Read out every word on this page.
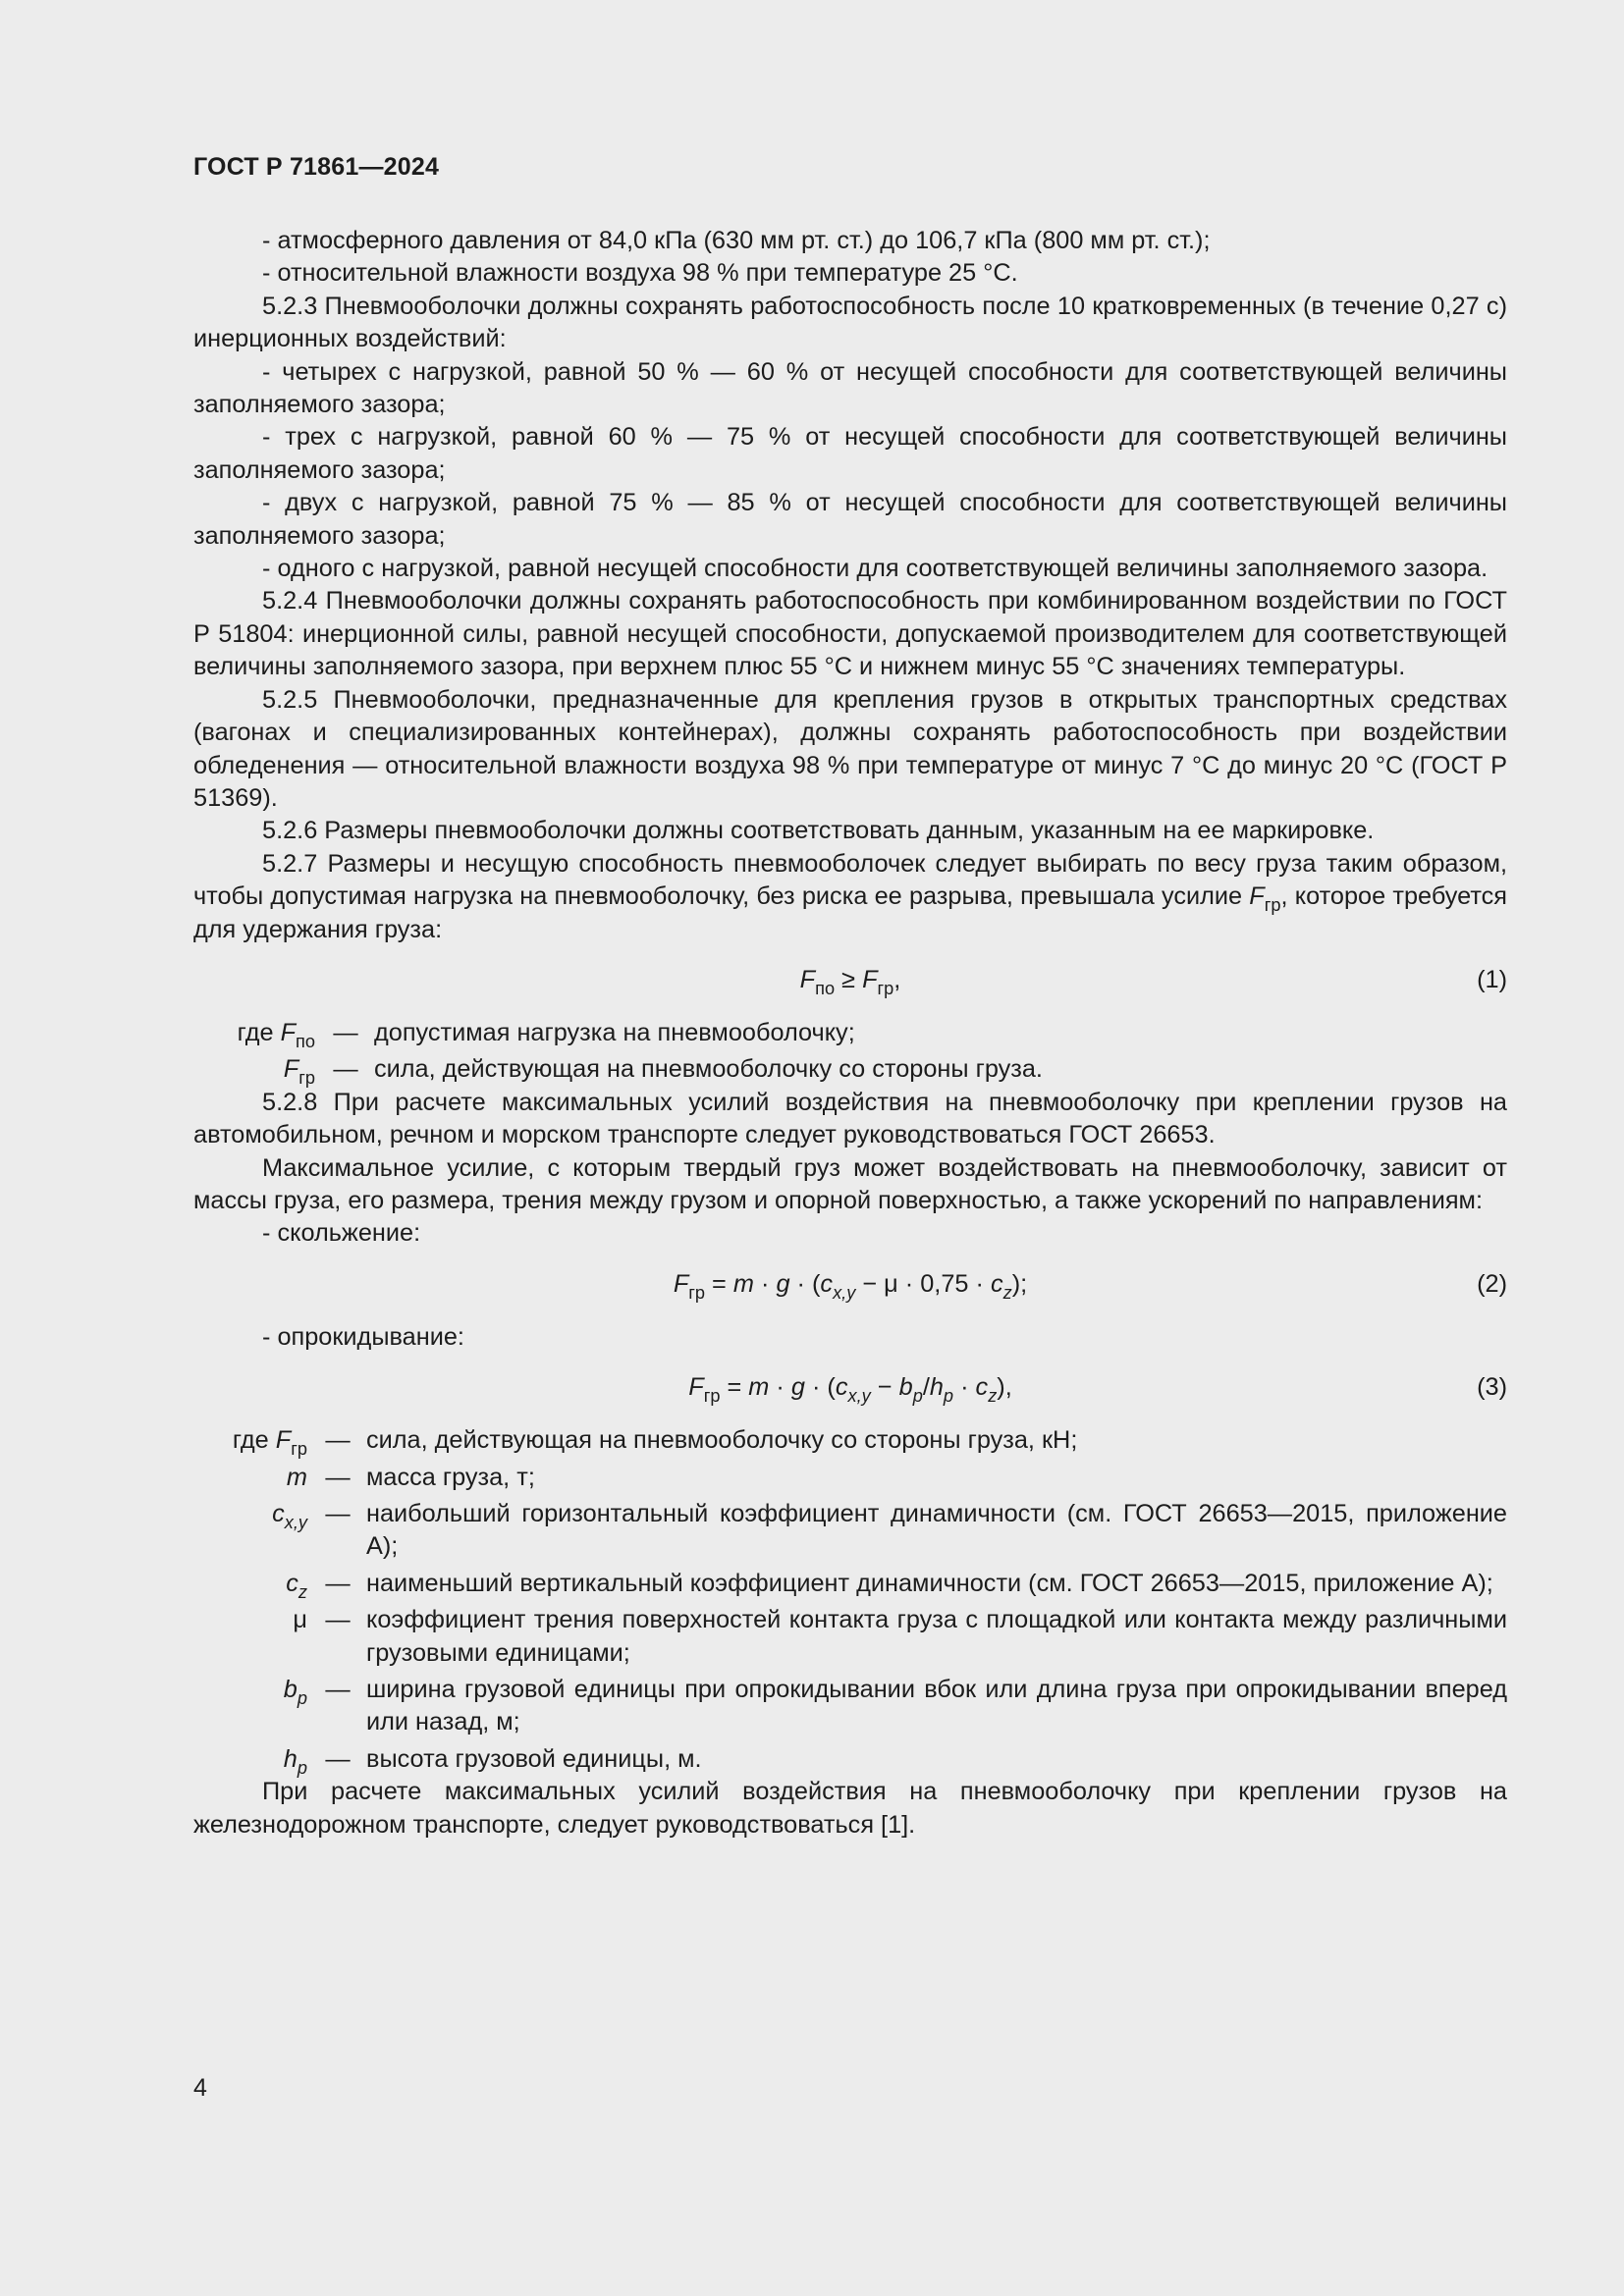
ГОСТ Р 71861—2024

- атмосферного давления от 84,0 кПа (630 мм рт. ст.) до 106,7 кПа (800 мм рт. ст.);

- относительной влажности воздуха 98 % при температуре 25 °С.

5.2.3 Пневмооболочки должны сохранять работоспособность после 10 кратковременных (в течение 0,27 с) инерционных воздействий:

- четырех с нагрузкой, равной 50 % — 60 % от несущей способности для соответствующей величины заполняемого зазора;

- трех с нагрузкой, равной 60 % — 75 % от несущей способности для соответствующей величины заполняемого зазора;

- двух с нагрузкой, равной 75 % — 85 % от несущей способности для соответствующей величины заполняемого зазора;

- одного с нагрузкой, равной несущей способности для соответствующей величины заполняемого зазора.

5.2.4 Пневмооболочки должны сохранять работоспособность при комбинированном воздействии по ГОСТ Р 51804: инерционной силы, равной несущей способности, допускаемой производителем для соответствующей величины заполняемого зазора, при верхнем плюс 55 °С и нижнем минус 55 °С значениях температуры.

5.2.5 Пневмооболочки, предназначенные для крепления грузов в открытых транспортных средствах (вагонах и специализированных контейнерах), должны сохранять работоспособность при воздействии обледенения — относительной влажности воздуха 98 % при температуре от минус 7 °С до минус 20 °С (ГОСТ Р 51369).

5.2.6 Размеры пневмооболочки должны соответствовать данным, указанным на ее маркировке.

5.2.7 Размеры и несущую способность пневмооболочек следует выбирать по весу груза таким образом, чтобы допустимая нагрузка на пневмооболочку, без риска ее разрыва, превышала усилие $F_{гр}$, которое требуется для удержания груза:

$F_{по} \ge F_{гр}$,	(1)
где $F_{по}$ — допустимая нагрузка на пневмооболочку;
$F_{гр}$ — сила, действующая на пневмооболочку со стороны груза.

5.2.8 При расчете максимальных усилий воздействия на пневмооболочку при креплении грузов на автомобильном, речном и морском транспорте следует руководствоваться ГОСТ 26653.

Максимальное усилие, с которым твердый груз может воздействовать на пневмооболочку, зависит от массы груза, его размера, трения между грузом и опорной поверхностью, а также ускорений по направлениям:

- скольжение:

$F_{гр} = m \cdot g \cdot (c_{x,y} - \mu \cdot 0,75 \cdot c_z)$;	(2)

- опрокидывание:

$F_{гр} = m \cdot g \cdot (c_{x,y} - b_p/h_p \cdot c_z)$,	(3)
где $F_{гр}$ — сила, действующая на пневмооболочку со стороны груза, кН;
m — масса груза, т;
$c_{x,y}$ — наибольший горизонтальный коэффициент динамичности (см. ГОСТ 26653—2015, приложение А);
$c_z$ — наименьший вертикальный коэффициент динамичности (см. ГОСТ 26653—2015, приложение А);
μ — коэффициент трения поверхностей контакта груза с площадкой или контакта между различными грузовыми единицами;
$b_p$ — ширина грузовой единицы при опрокидывании вбок или длина груза при опрокидывании вперед или назад, м;
$h_p$ — высота грузовой единицы, м.

При расчете максимальных усилий воздействия на пневмооболочку при креплении грузов на железнодорожном транспорте, следует руководствоваться [1].

4
